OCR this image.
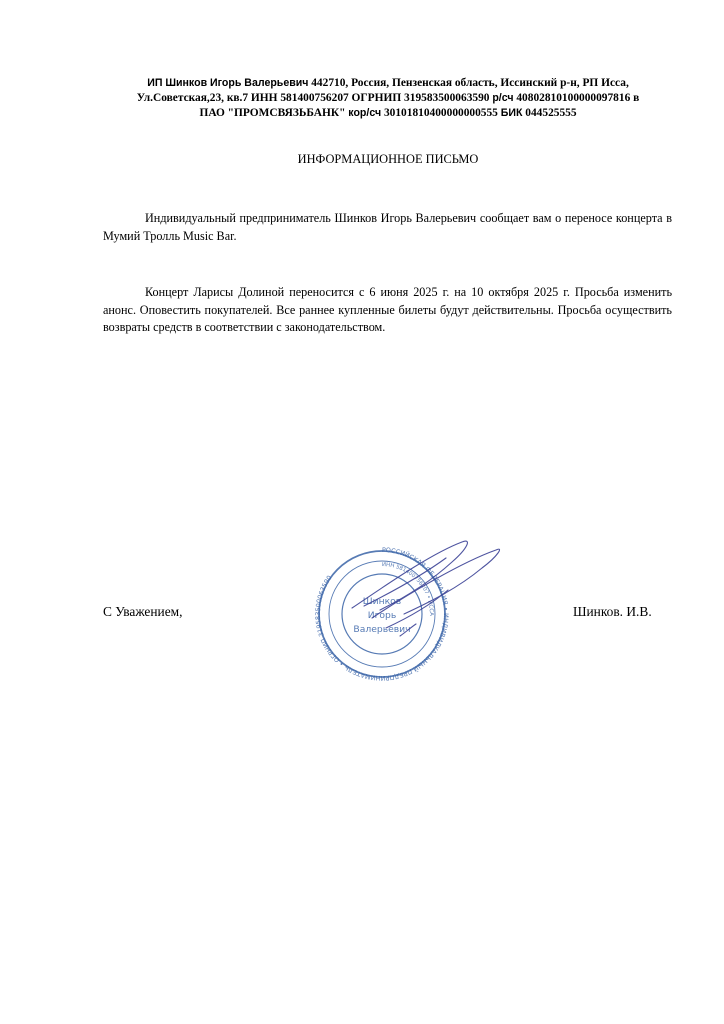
ИП Шинков Игорь Валерьевич 442710, Россия, Пензенская область, Иссинский р-н, РП Исса,
Ул.Советская,23, кв.7 ИНН 581400756207 ОГРНИП 319583500063590 р/сч 40802810100000097816 в
ПАО "ПРОМСВЯЗЬБАНК" кор/сч 30101810400000000555 БИК 044525555
ИНФОРМАЦИОННОЕ ПИСЬМО
Индивидуальный предприниматель Шинков Игорь Валерьевич сообщает вам о переносе концерта в Мумий Тролль Music Bar.
Концерт Ларисы Долиной переносится с 6 июня 2025 г. на 10 октября 2025 г. Просьба изменить анонс. Оповестить покупателей. Все раннее купленные билеты будут действительны. Просьба осуществить возвраты средств в соответствии с законодательством.
С Уважением,	Шинков. И.В.
РОССИЙСКАЯ ФЕДЕРАЦИЯ • ИНДИВИДУАЛЬНЫЙ ПРЕДПРИНИМАТЕЛЬ • ОГРНИП 319583500063590
ИНН 581400756207 • ИССА
Шинков
Игорь
Валерьевич
